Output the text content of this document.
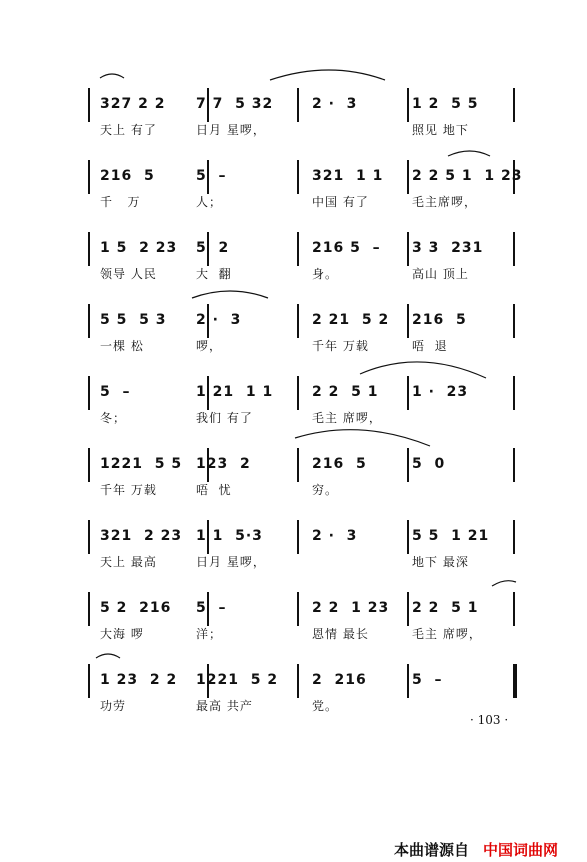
327 2 2
天上 有了
7 7  5 32
日月 星啰，
2 ·  3	1 2  5 5
照见 地下
216  5
千   万
5  –
人；
321  1 1
中国 有了
2 2 5 1  1 23
毛主席啰，
1 5  2 23
领导 人民
5  2
大  翻
216 5  –
身。
3 3  231
高山 顶上
5 5  5 3
一棵 松
2 ·  3
啰，
2 21  5 2
千年 万载
216  5
唔  退
5  –
冬；
1 21  1 1
我们 有了
2 2  5 1
毛主 席啰，
1 ·  23
1221  5 5
千年 万载
123  2
唔  忧
216  5
穷。
5  0
321  2 23
天上 最高
1 1  5·3
日月 星啰，
2 ·  3	5 5  1 21
地下 最深
5 2  216
大海 啰
5  –
洋；
2 2  1 23
恩情 最长
2 2  5 1
毛主 席啰，
1 23  2 2
功劳
1221  5 2
最高 共产
2  216
党。
5  –
· 103 ·
本曲谱源自 中国词曲网
